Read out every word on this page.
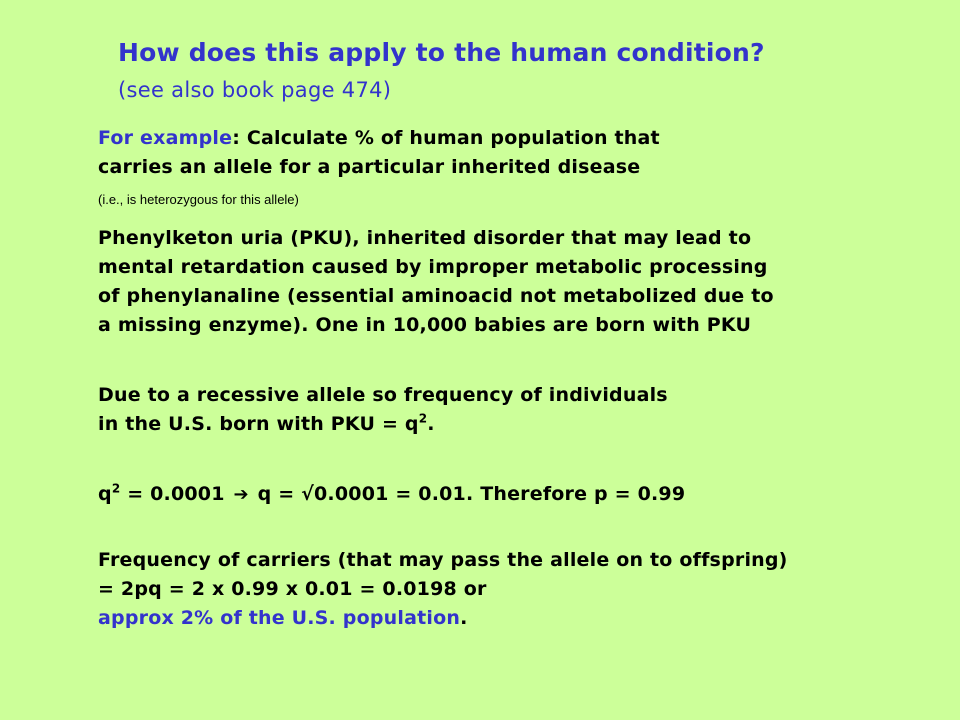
How does this apply to the human condition?
(see also book page 474)
For example: Calculate % of human population that
carries an allele for a particular inherited disease
(i.e., is heterozygous for this allele)
Phenylketon uria (PKU), inherited disorder that may lead to
mental retardation caused by improper metabolic processing
of phenylanaline (essential aminoacid not metabolized due to
a missing enzyme). One in 10,000 babies are born with PKU
Due to a recessive allele so frequency of individuals
in the U.S. born with PKU = $q^2$.
$q^2 = 0.0001$ ➔ q = √0.0001 = 0.01. Therefore p = 0.99
Frequency of carriers (that may pass the allele on to offspring)
= 2pq = 2 x 0.99 x 0.01 = 0.0198 or
approx 2% of the U.S. population.
